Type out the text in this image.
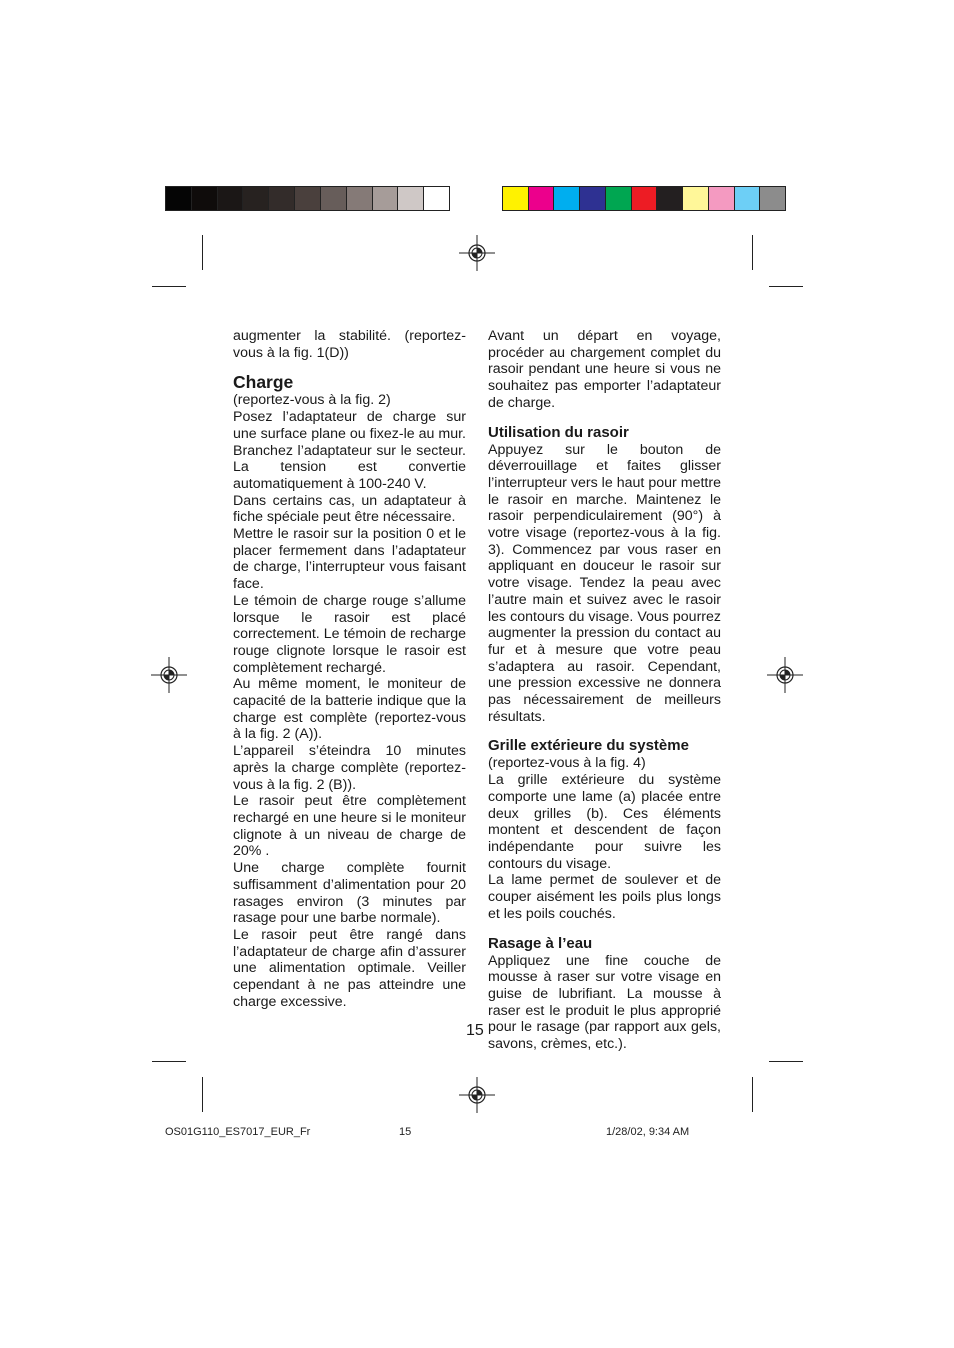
augmenter la stabilité. (reportez-vous à la fig. 1(D))

Charge

(reportez-vous à la fig. 2)

Posez l’adaptateur de charge sur une surface plane ou fixez-le au mur. Branchez l’adaptateur sur le secteur. La tension est convertie automatiquement à 100-240 V.

Dans certains cas, un adaptateur à fiche spéciale peut être nécessaire.

Mettre le rasoir sur la position 0 et le placer fermement dans l’adaptateur de charge, l’interrupteur vous faisant face.

Le témoin de charge rouge s’allume lorsque le rasoir est placé correctement. Le témoin de recharge rouge clignote lorsque le rasoir est complètement rechargé.

Au même moment, le moniteur de capacité de la batterie indique que la charge est complète (reportez-vous à la fig. 2 (A)).

L’appareil s’éteindra 10 minutes après la charge complète (reportez-vous à la fig. 2 (B)).

Le rasoir peut être complètement rechargé en une heure si le moniteur clignote à un niveau de charge de 20% .

Une charge complète fournit suffisamment d’alimentation pour 20 rasages environ (3 minutes par rasage pour une barbe normale).

Le rasoir peut être rangé dans l’adaptateur de charge afin d’assurer une alimentation optimale. Veiller cependant à ne pas atteindre une charge excessive.

Avant un départ en voyage, procéder au chargement complet du rasoir pendant une heure si vous ne souhaitez pas emporter l’adaptateur de charge.

Utilisation du rasoir

Appuyez sur le bouton de déverrouillage et faites glisser l’interrupteur vers le haut pour mettre le rasoir en marche. Maintenez le rasoir perpendiculairement (90°) à votre visage (reportez-vous à la fig. 3). Commencez par vous raser en appliquant en douceur le rasoir sur votre visage. Tendez la peau avec l’autre main et suivez avec le rasoir les contours du visage. Vous pourrez augmenter la pression du contact au fur et à mesure que votre peau s’adaptera au rasoir. Cependant, une pression excessive ne donnera pas nécessairement de meilleurs résultats.

Grille extérieure du système

(reportez-vous à la fig. 4)

La grille extérieure du système comporte une lame (a) placée entre deux grilles (b). Ces éléments montent et descendent de façon indépendante pour suivre les contours du visage.

La lame permet de soulever et de couper aisément les poils plus longs et les poils couchés.

Rasage à l’eau

Appliquez une fine couche de mousse à raser sur votre visage en guise de lubrifiant. La mousse à raser est le produit le plus approprié pour le rasage (par rapport aux gels, savons, crèmes, etc.).

15
OS01G110_ES7017_EUR_Fr	15	1/28/02, 9:34 AM
